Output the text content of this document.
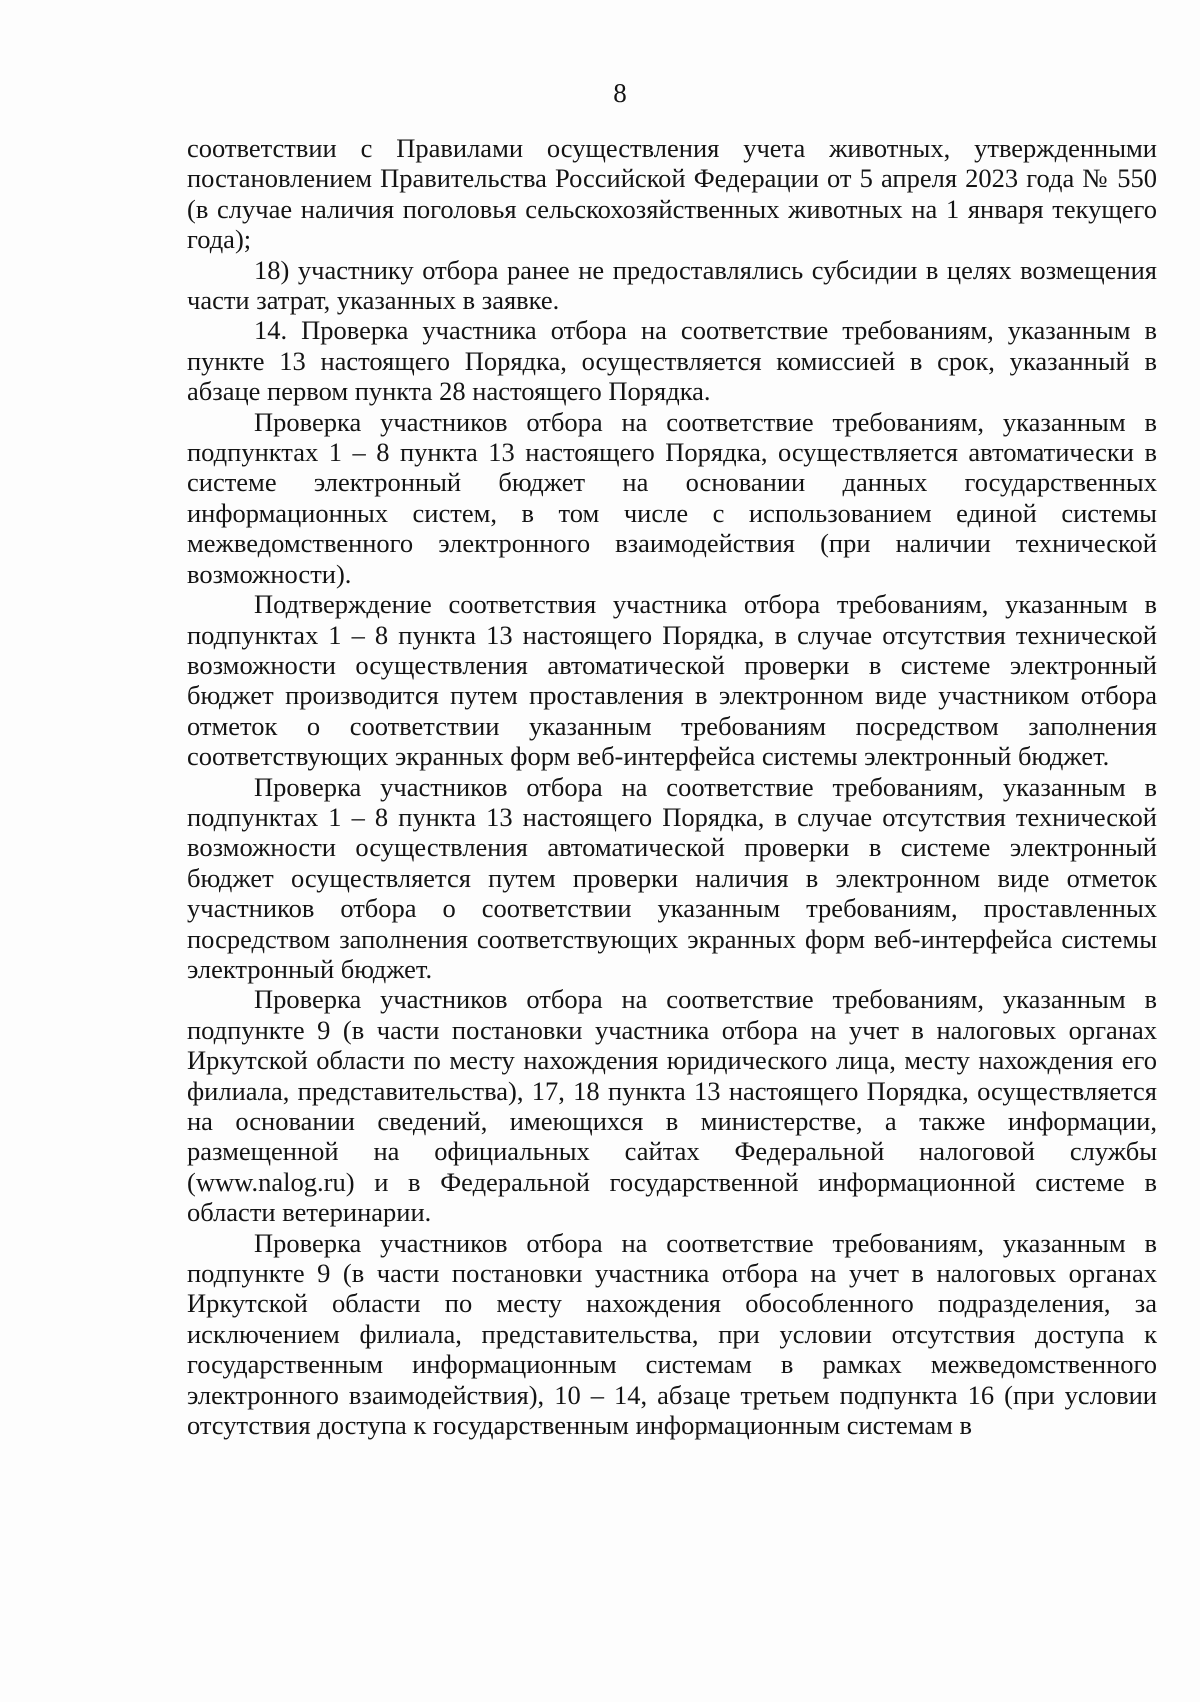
8

соответствии с Правилами осуществления учета животных, утвержденными постановлением Правительства Российской Федерации от 5 апреля 2023 года № 550 (в случае наличия поголовья сельскохозяйственных животных на 1 января текущего года);

18) участнику отбора ранее не предоставлялись субсидии в целях возмещения части затрат, указанных в заявке.

14. Проверка участника отбора на соответствие требованиям, указанным в пункте 13 настоящего Порядка, осуществляется комиссией в срок, указанный в абзаце первом пункта 28 настоящего Порядка.

Проверка участников отбора на соответствие требованиям, указанным в подпунктах 1 – 8 пункта 13 настоящего Порядка, осуществляется автоматически в системе электронный бюджет на основании данных государственных информационных систем, в том числе с использованием единой системы межведомственного электронного взаимодействия (при наличии технической возможности).

Подтверждение соответствия участника отбора требованиям, указанным в подпунктах 1 – 8 пункта 13 настоящего Порядка, в случае отсутствия технической возможности осуществления автоматической проверки в системе электронный бюджет производится путем проставления в электронном виде участником отбора отметок о соответствии указанным требованиям посредством заполнения соответствующих экранных форм веб-интерфейса системы электронный бюджет.

Проверка участников отбора на соответствие требованиям, указанным в подпунктах 1 – 8 пункта 13 настоящего Порядка, в случае отсутствия технической возможности осуществления автоматической проверки в системе электронный бюджет осуществляется путем проверки наличия в электронном виде отметок участников отбора о соответствии указанным требованиям, проставленных посредством заполнения соответствующих экранных форм веб-интерфейса системы электронный бюджет.

Проверка участников отбора на соответствие требованиям, указанным в подпункте 9 (в части постановки участника отбора на учет в налоговых органах Иркутской области по месту нахождения юридического лица, месту нахождения его филиала, представительства), 17, 18 пункта 13 настоящего Порядка, осуществляется на основании сведений, имеющихся в министерстве, а также информации, размещенной на официальных сайтах Федеральной налоговой службы (www.nalog.ru) и в Федеральной государственной информационной системе в области ветеринарии.

Проверка участников отбора на соответствие требованиям, указанным в подпункте 9 (в части постановки участника отбора на учет в налоговых органах Иркутской области по месту нахождения обособленного подразделения, за исключением филиала, представительства, при условии отсутствия доступа к государственным информационным системам в рамках межведомственного электронного взаимодействия), 10 – 14, абзаце третьем подпункта 16 (при условии отсутствия доступа к государственным информационным системам в
